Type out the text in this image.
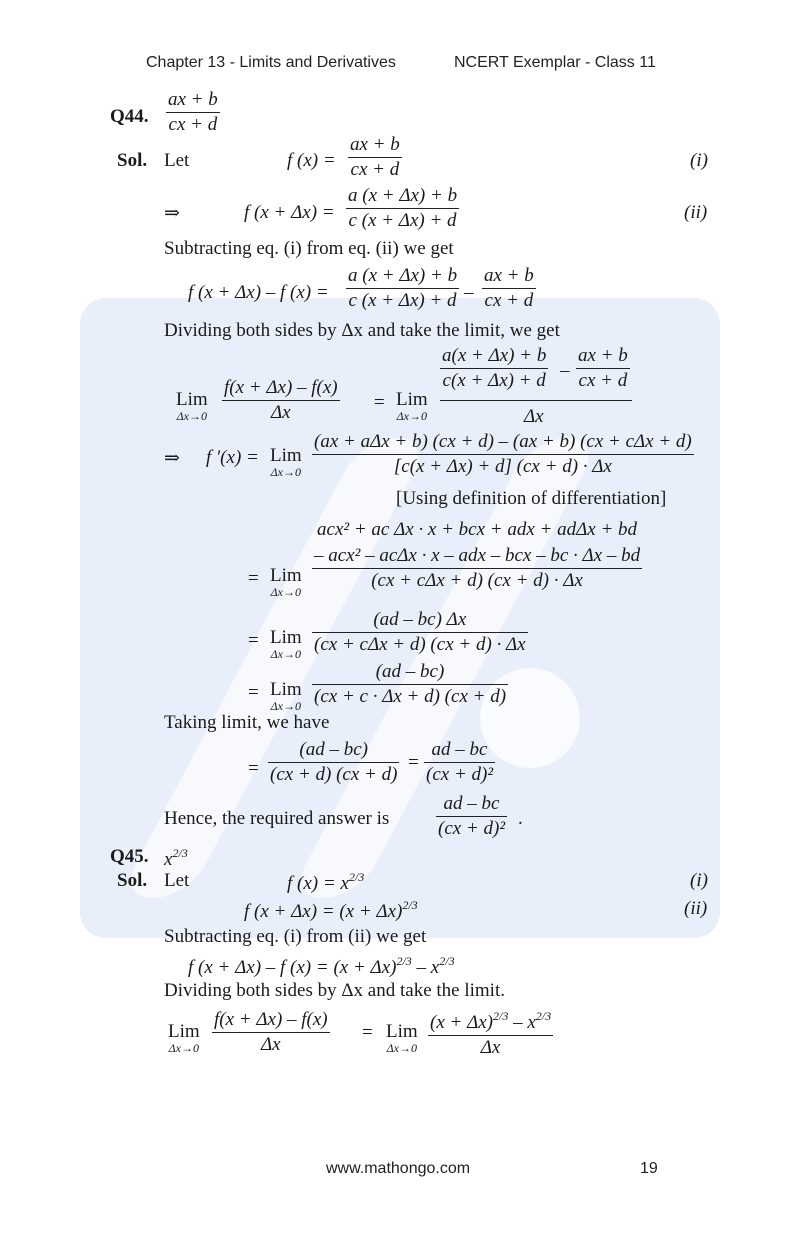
Chapter 13 - Limits and Derivatives	NCERT Exemplar - Class 11
Q44.
ax + b
cx + d
Sol. Let	f (x) =
ax + b
cx + d	(i)
⇒	f (x + Δx) =
a (x + Δx) + b
c (x + Δx) + d	(ii)
Subtracting eq. (i) from eq. (ii) we get
f (x + Δx) – f (x) =
a (x + Δx) + b
c (x + Δx) + d –
ax + b
cx + d
Dividing both sides by Δx and take the limit, we get
Lim
Δx→0
f(x + Δx) – f(x)
Δx	= Lim
Δx→0
a(x + Δx) + b
c(x + Δx) + d –
ax + b
cx + d
Δx
⇒ f ′(x) = Lim
Δx→0
(ax + aΔx + b) (cx + d) – (ax + b) (cx + cΔx + d)
[c(x + Δx) + d] (cx + d) · Δx
[Using definition of differentiation]
= Lim
Δx→0
acx² + ac Δx · x + bcx + adx + adΔx + bd
– acx² – acΔx · x – adx – bcx – bc · Δx – bd
(cx + cΔx + d) (cx + d) · Δx
= Lim
Δx→0
(ad – bc) Δx
(cx + cΔx + d) (cx + d) · Δx
= Lim
Δx→0
(ad – bc)
(cx + c · Δx + d) (cx + d)
Taking limit, we have
=
(ad – bc)
(cx + d) (cx + d)
=
ad – bc
(cx + d)²
Hence, the required answer is
ad – bc
(cx + d)² .
Q45. $x^{2/3}$
Sol. Let	f $(x) = x^{2/3}$	(i)
f $(x + \Delta x) = (x + \Delta x)^{2/3}$	(ii)
Subtracting eq. (i) from (ii) we get
f (x + Δx) – f $(x) = (x + \Delta x)^{2/3} - x^{2/3}$
Dividing both sides by Δx and take the limit.
Lim
Δx→0
f(x + Δx) – f(x)
Δx
= Lim
Δx→0
$(x + \Delta x)^{2/3} - x^{2/3}$
Δx
www.mathongo.com	19
